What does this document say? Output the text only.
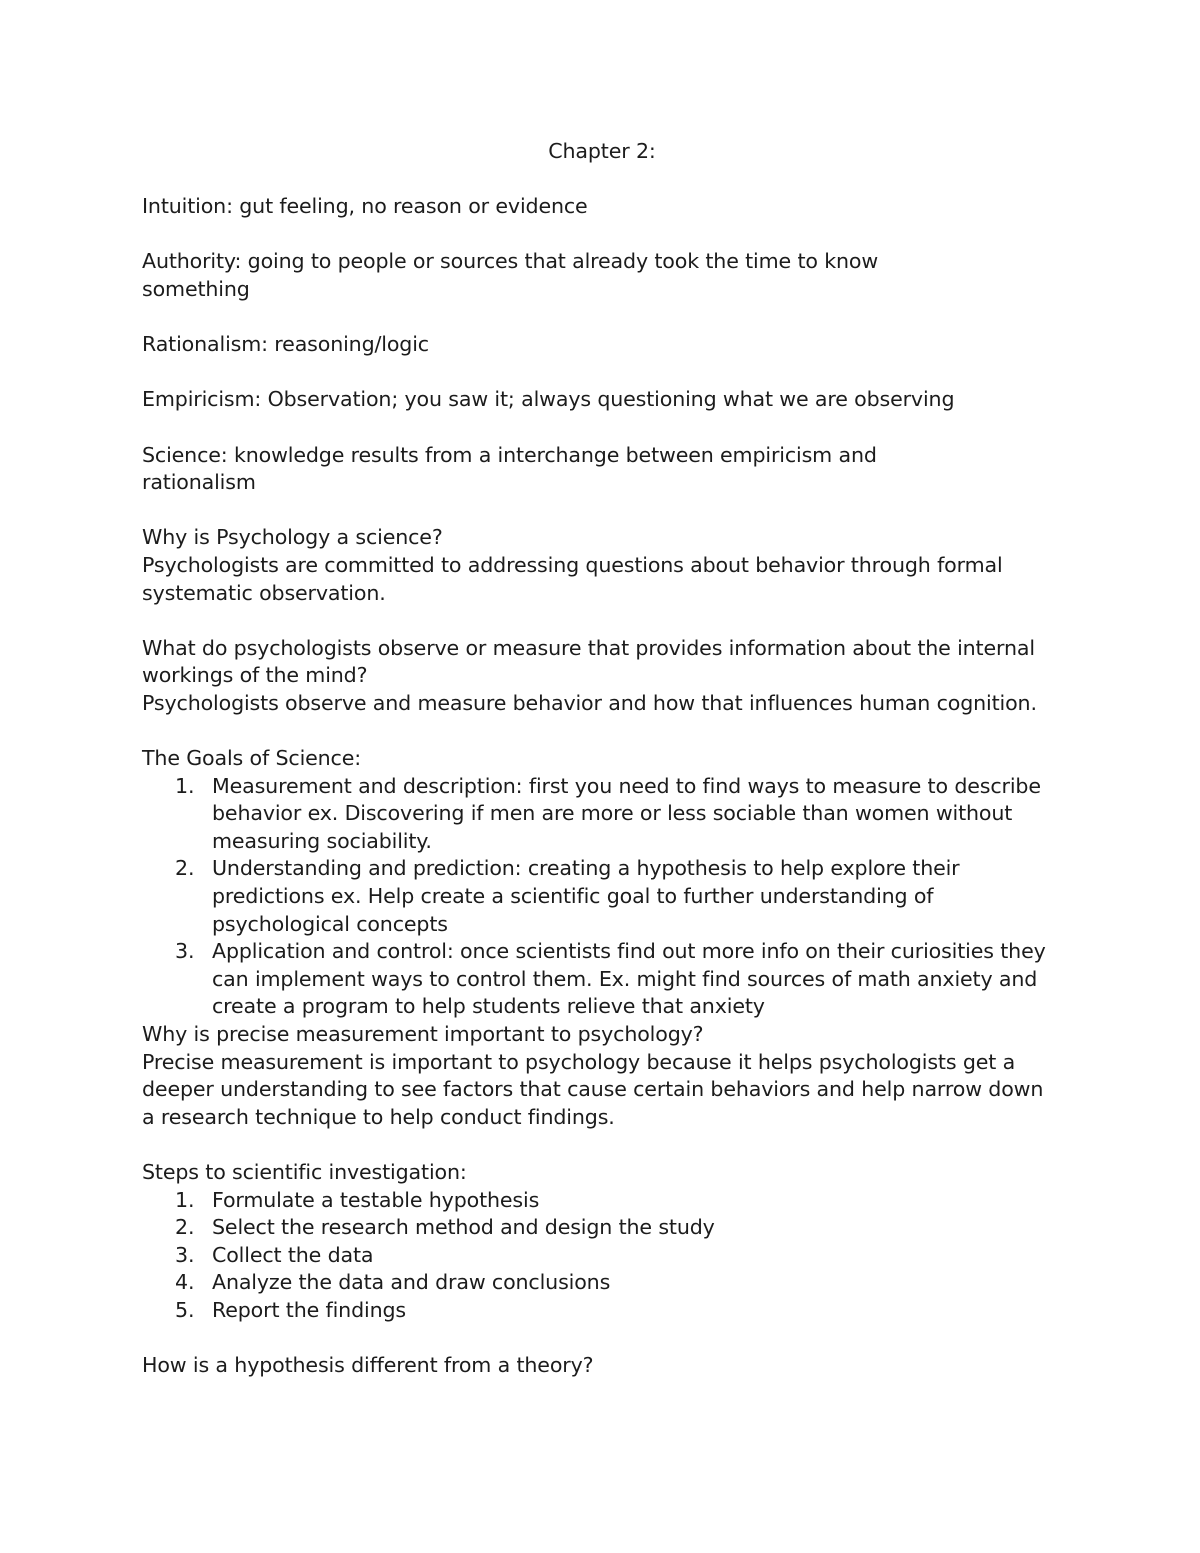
Chapter 2:
Intuition: gut feeling, no reason or evidence
Authority: going to people or sources that already took the time to know something
Rationalism: reasoning/logic
Empiricism: Observation; you saw it; always questioning what we are observing
Science: knowledge results from a interchange between empiricism and rationalism
Why is Psychology a science?
Psychologists are committed to addressing questions about behavior through formal systematic observation.
What do psychologists observe or measure that provides information about the internal workings of the mind?
Psychologists observe and measure behavior and how that influences human cognition.
The Goals of Science:
1. Measurement and description: first you need to find ways to measure to describe behavior ex. Discovering if men are more or less sociable than women without measuring sociability.
2. Understanding and prediction: creating a hypothesis to help explore their predictions ex. Help create a scientific goal to further understanding of psychological concepts
3. Application and control: once scientists find out more info on their curiosities they can implement ways to control them. Ex. might find sources of math anxiety and create a program to help students relieve that anxiety
Why is precise measurement important to psychology?
Precise measurement is important to psychology because it helps psychologists get a deeper understanding to see factors that cause certain behaviors and help narrow down a research technique to help conduct findings.
Steps to scientific investigation:
1. Formulate a testable hypothesis
2. Select the research method and design the study
3. Collect the data
4. Analyze the data and draw conclusions
5. Report the findings
How is a hypothesis different from a theory?
